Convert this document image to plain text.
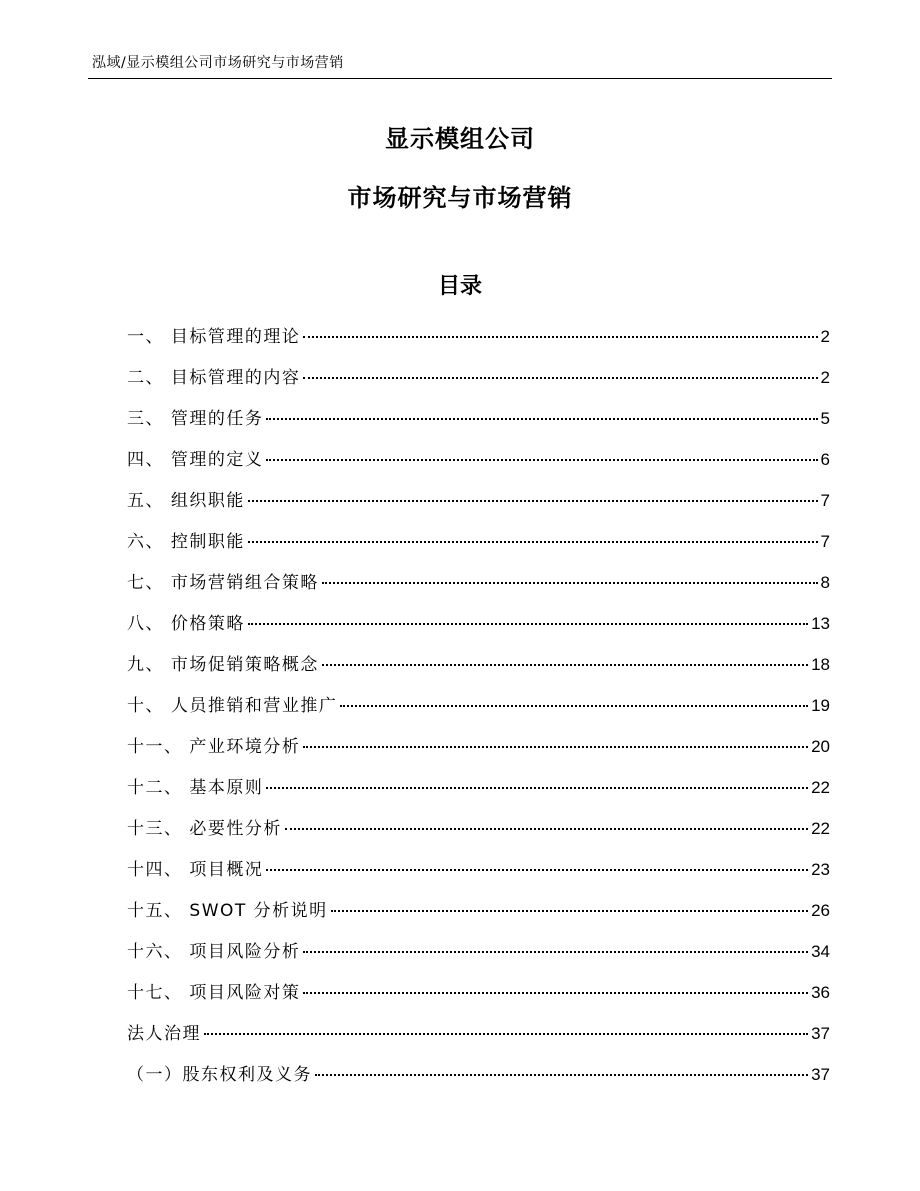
泓域/显示模组公司市场研究与市场营销
显示模组公司
市场研究与市场营销
目录
一、 目标管理的理论	2
二、 目标管理的内容	2
三、 管理的任务	5
四、 管理的定义	6
五、 组织职能	7
六、 控制职能	7
七、 市场营销组合策略	8
八、 价格策略	13
九、 市场促销策略概念	18
十、 人员推销和营业推广	19
十一、 产业环境分析	20
十二、 基本原则	22
十三、 必要性分析	22
十四、 项目概况	23
十五、 SWOT 分析说明	26
十六、 项目风险分析	34
十七、 项目风险对策	36
法人治理	37
（一）股东权利及义务	37
